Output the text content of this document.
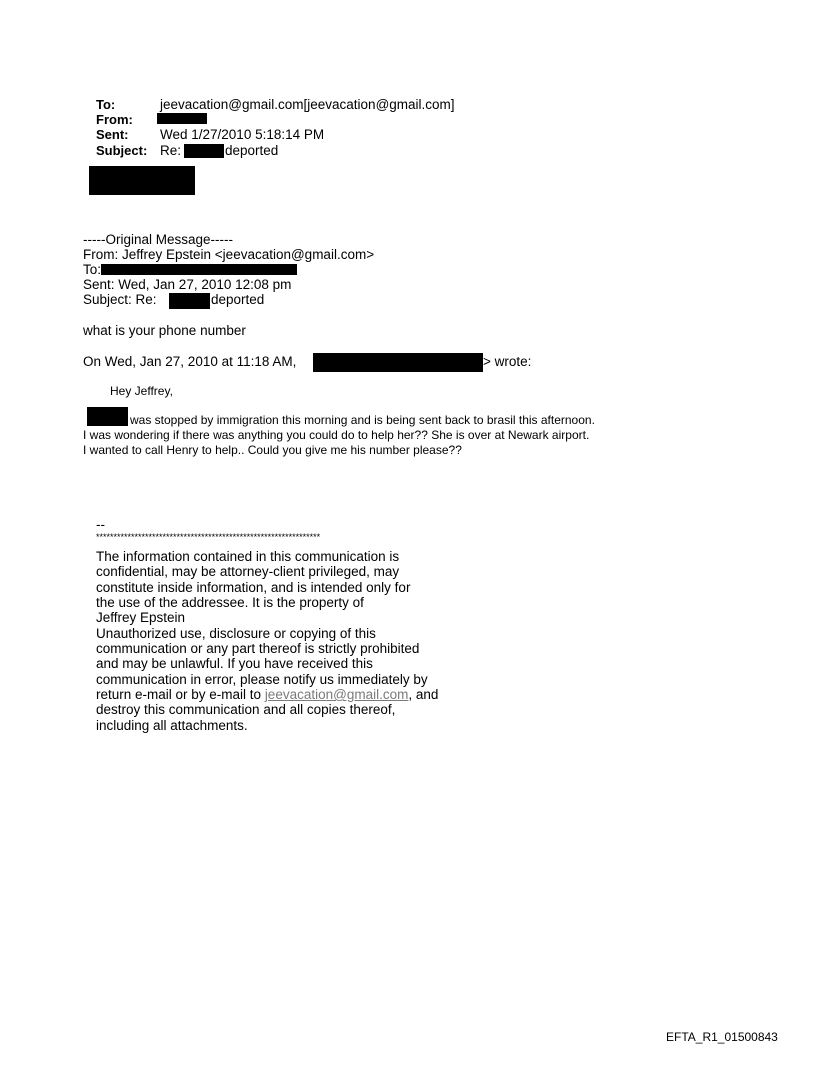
To:	jeevacation@gmail.com[jeevacation@gmail.com]
From:
Sent: Wed 1/27/2010 5:18:14 PM
Subject: Re:	deported
-----Original Message-----
From: Jeffrey Epstein <jeevacation@gmail.com>
To:
Sent: Wed, Jan 27, 2010 12:08 pm
Subject: Re:	deported
what is your phone number
On Wed, Jan 27, 2010 at 11:18 AM,	> wrote:
Hey Jeffrey,
was stopped by immigration this morning and is being sent back to brasil this afternoon.
I was wondering if there was anything you could do to help her?? She is over at Newark airport.
I wanted to call Henry to help.. Could you give me his number please??
--
****************************************************************
The information contained in this communication is
confidential, may be attorney-client privileged, may
constitute inside information, and is intended only for
the use of the addressee. It is the property of
Jeffrey Epstein
Unauthorized use, disclosure or copying of this
communication or any part thereof is strictly prohibited
and may be unlawful. If you have received this
communication in error, please notify us immediately by
return e-mail or by e-mail to jeevacation@gmail.com, and
destroy this communication and all copies thereof,
including all attachments.
EFTA_R1_01500843
